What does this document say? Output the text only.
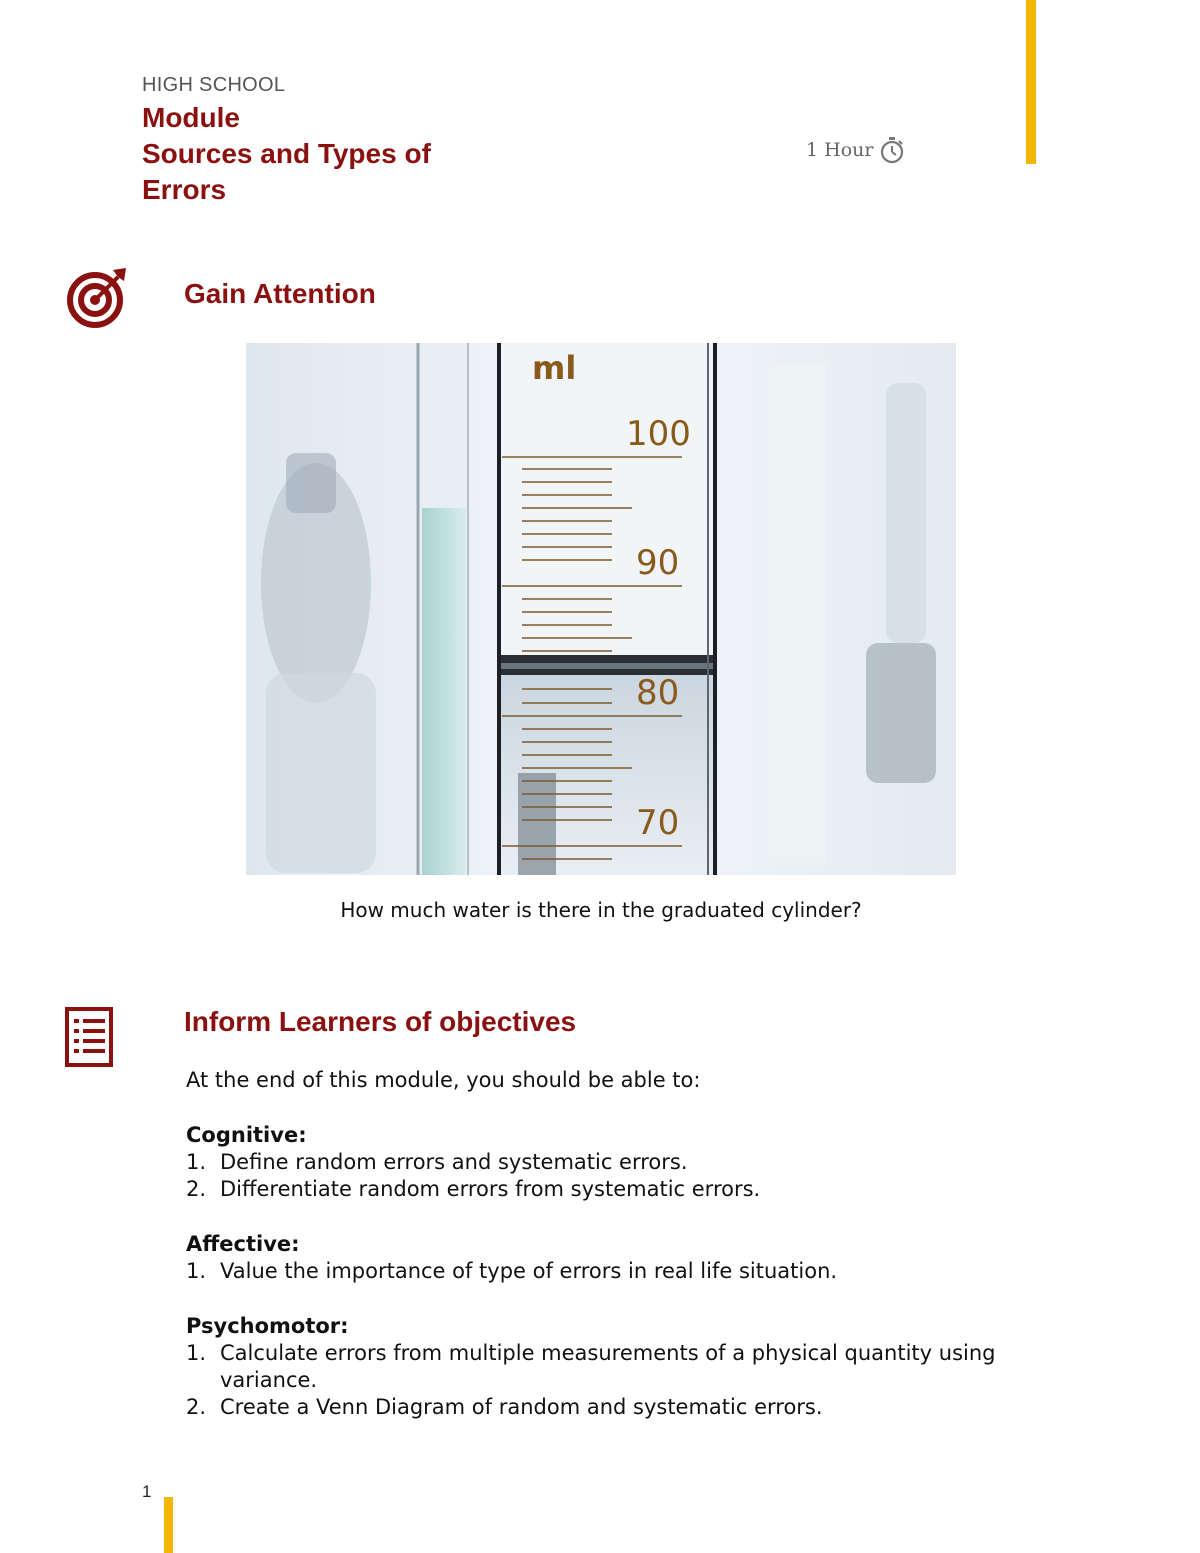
HIGH SCHOOL
Module
Sources and Types of
Errors
1 Hour
Gain Attention
ml
100
90
80
70
How much water is there in the graduated cylinder?
Inform Learners of objectives
At the end of this module, you should be able to:
Cognitive:
1. Define random errors and systematic errors.
2. Differentiate random errors from systematic errors.
Affective:
1. Value the importance of type of errors in real life situation.
Psychomotor:
1. Calculate errors from multiple measurements of a physical quantity using variance.
2. Create a Venn Diagram of random and systematic errors.
1
